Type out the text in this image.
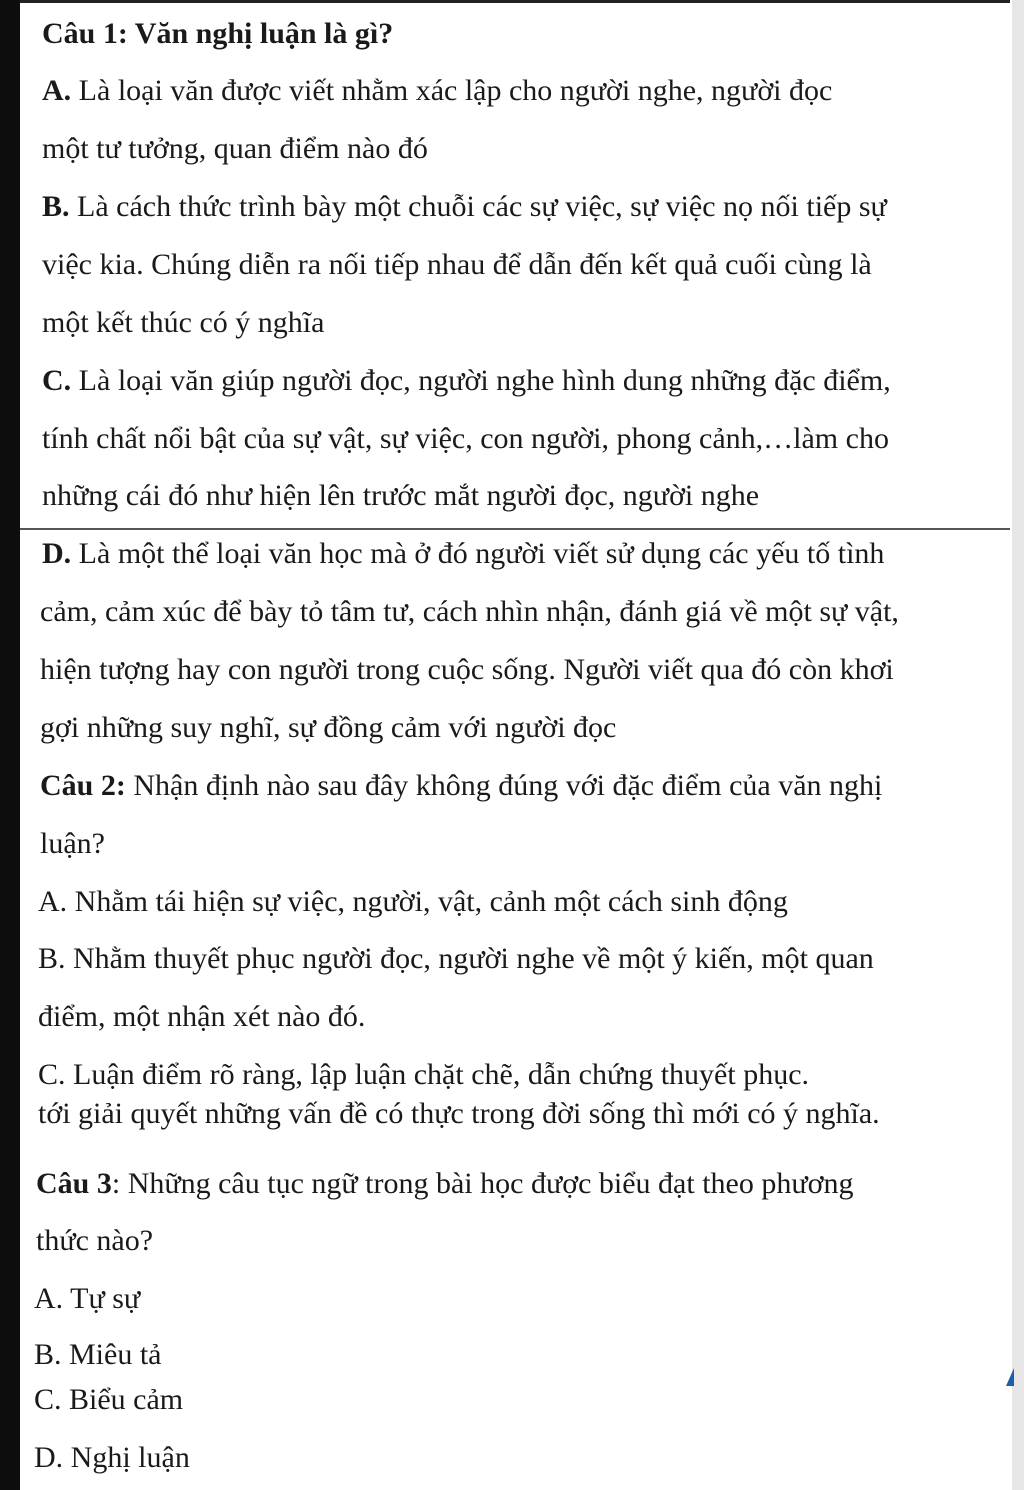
Câu 1: Văn nghị luận là gì?

A. Là loại văn được viết nhằm xác lập cho người nghe, người đọc

một tư tưởng, quan điểm nào đó

B. Là cách thức trình bày một chuỗi các sự việc, sự việc nọ nối tiếp sự

việc kia. Chúng diễn ra nối tiếp nhau để dẫn đến kết quả cuối cùng là

một kết thúc có ý nghĩa

C. Là loại văn giúp người đọc, người nghe hình dung những đặc điểm,

tính chất nổi bật của sự vật, sự việc, con người, phong cảnh,…làm cho

những cái đó như hiện lên trước mắt người đọc, người nghe

D. Là một thể loại văn học mà ở đó người viết sử dụng các yếu tố tình

cảm, cảm xúc để bày tỏ tâm tư, cách nhìn nhận, đánh giá về một sự vật,

hiện tượng hay con người trong cuộc sống. Người viết qua đó còn khơi

gợi những suy nghĩ, sự đồng cảm với người đọc

Câu 2: Nhận định nào sau đây không đúng với đặc điểm của văn nghị

luận?

A. Nhằm tái hiện sự việc, người, vật, cảnh một cách sinh động

B. Nhằm thuyết phục người đọc, người nghe về một ý kiến, một quan

điểm, một nhận xét nào đó.

C. Luận điểm rõ ràng, lập luận chặt chẽ, dẫn chứng thuyết phục.

tới giải quyết những vấn đề có thực trong đời sống thì mới có ý nghĩa.

Câu 3: Những câu tục ngữ trong bài học được biểu đạt theo phương

thức nào?

A. Tự sự

B. Miêu tả

C. Biểu cảm

D. Nghị luận
